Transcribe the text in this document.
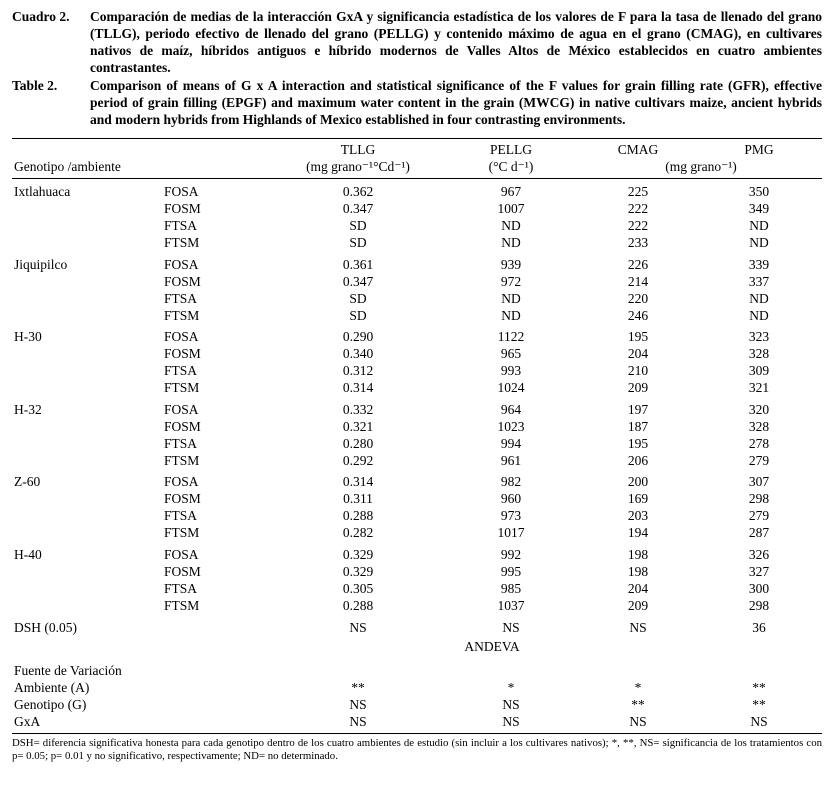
Cuadro 2.	Comparación de medias de la interacción GxA y significancia estadística de los valores de F para la tasa de llenado del grano (TLLG), periodo efectivo de llenado del grano (PELLG) y contenido máximo de agua en el grano (CMAG), en cultivares nativos de maíz, híbridos antiguos e híbrido modernos de Valles Altos de México establecidos en cuatro ambientes contrastantes.
Table 2.	Comparison of means of G x A interaction and statistical significance of the F values for grain filling rate (GFR), effective period of grain filling (EPGF) and maximum water content in the grain (MWCG) in native cultivars maize, ancient hybrids and modern hybrids from Highlands of Mexico established in four contrasting environments.
		TLLG	PELLG	CMAG	PMG
Genotipo /ambiente		(mg grano⁻¹°Cd⁻¹)	(°C d⁻¹)	(mg grano⁻¹)	
Ixtlahuaca	FOSA	0.362	967	225	350
	FOSM	0.347	1007	222	349
	FTSA	SD	ND	222	ND
	FTSM	SD	ND	233	ND
Jiquipilco	FOSA	0.361	939	226	339
	FOSM	0.347	972	214	337
	FTSA	SD	ND	220	ND
	FTSM	SD	ND	246	ND
H-30	FOSA	0.290	1122	195	323
	FOSM	0.340	965	204	328
	FTSA	0.312	993	210	309
	FTSM	0.314	1024	209	321
H-32	FOSA	0.332	964	197	320
	FOSM	0.321	1023	187	328
	FTSA	0.280	994	195	278
	FTSM	0.292	961	206	279
Z-60	FOSA	0.314	982	200	307
	FOSM	0.311	960	169	298
	FTSA	0.288	973	203	279
	FTSM	0.282	1017	194	287
H-40	FOSA	0.329	992	198	326
	FOSM	0.329	995	198	327
	FTSA	0.305	985	204	300
	FTSM	0.288	1037	209	298
DSH (0.05)		NS	NS	NS	36
	ANDEVA				
Fuente de Variación					
Ambiente (A)		**	*	*	**
Genotipo (G)		NS	NS	**	**
GxA		NS	NS	NS	NS
DSH= diferencia significativa honesta para cada genotipo dentro de los cuatro ambientes de estudio (sin incluir a los cultivares nativos); *, **, NS= significancia de los tratamientos con p= 0.05; p= 0.01 y no significativo, respectivamente; ND= no determinado.
